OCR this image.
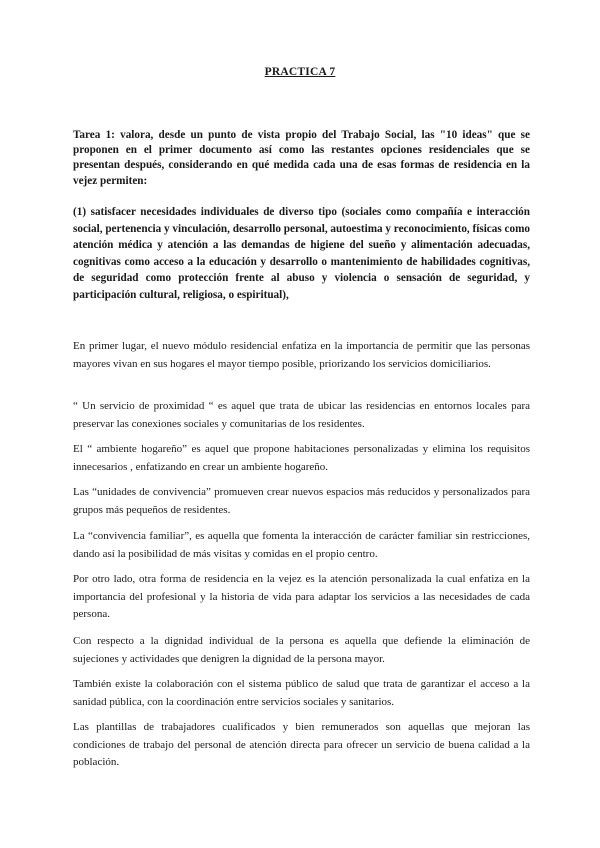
PRACTICA 7
Tarea 1: valora, desde un punto de vista propio del Trabajo Social, las "10 ideas" que se proponen en el primer documento así como las restantes opciones residenciales que se presentan después, considerando en qué medida cada una de esas formas de residencia en la vejez permiten:
(1) satisfacer necesidades individuales de diverso tipo (sociales como compañía e interacción social, pertenencia y vinculación, desarrollo personal, autoestima y reconocimiento, físicas como atención médica y atención a las demandas de higiene del sueño y alimentación adecuadas, cognitivas como acceso a la educación y desarrollo o mantenimiento de habilidades cognitivas, de seguridad como protección frente al abuso y violencia o sensación de seguridad, y participación cultural, religiosa, o espiritual),

En primer lugar, el nuevo módulo residencial enfatiza en la importancia de permitir que las personas mayores vivan en sus hogares el mayor tiempo posible, priorizando los servicios domiciliarios.

“ Un servicio de proximidad “ es aquel que trata de ubicar las residencias en entornos locales para preservar las conexiones sociales y comunitarias de los residentes.

El “ ambiente hogareño” es aquel que propone habitaciones personalizadas y elimina los requisitos innecesarios , enfatizando en crear un ambiente hogareño.

Las “unidades de convivencia” promueven crear nuevos espacios más reducidos y personalizados para grupos más pequeños de residentes.

La “convivencia familiar”, es aquella que fomenta la interacción de carácter familiar sin restricciones, dando así la posibilidad de más visitas y comidas en el propio centro.

Por otro lado, otra forma de residencia en la vejez es la atención personalizada la cual enfatiza en la importancia del profesional y la historia de vida para adaptar los servicios a las necesidades de cada persona.

Con respecto a la dignidad individual de la persona es aquella que defiende la eliminación de sujeciones y actividades que denigren la dignidad de la persona mayor.

También existe la colaboración con el sistema público de salud que trata de garantizar el acceso a la sanidad pública, con la coordinación entre servicios sociales y sanitarios.

Las plantillas de trabajadores cualificados y bien remunerados son aquellas que mejoran las condiciones de trabajo del personal de atención directa para ofrecer un servicio de buena calidad a la población.
